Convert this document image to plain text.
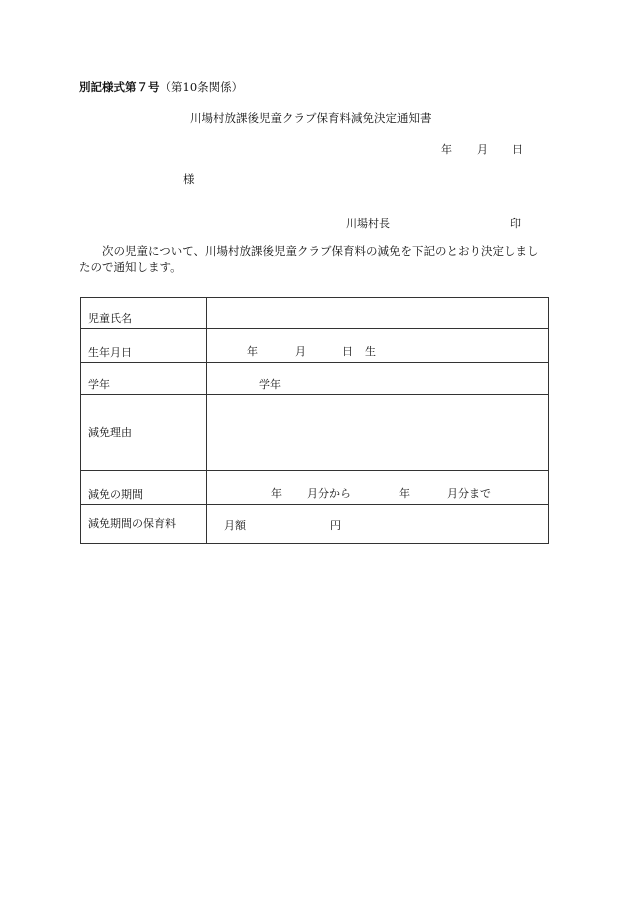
別記様式第７号（第10条関係）
川場村放課後児童クラブ保育料減免決定通知書
年 月 日
様
川場村長	印
次の児童について、川場村放課後児童クラブ保育料の減免を下記のとおり決定しましたので通知します。
児童氏名	
生年月日	年 月 日 生

学年	学年

減免理由	
減免の期間	年 月分から 年 月分まで

減免期間の保育料	月額 円
